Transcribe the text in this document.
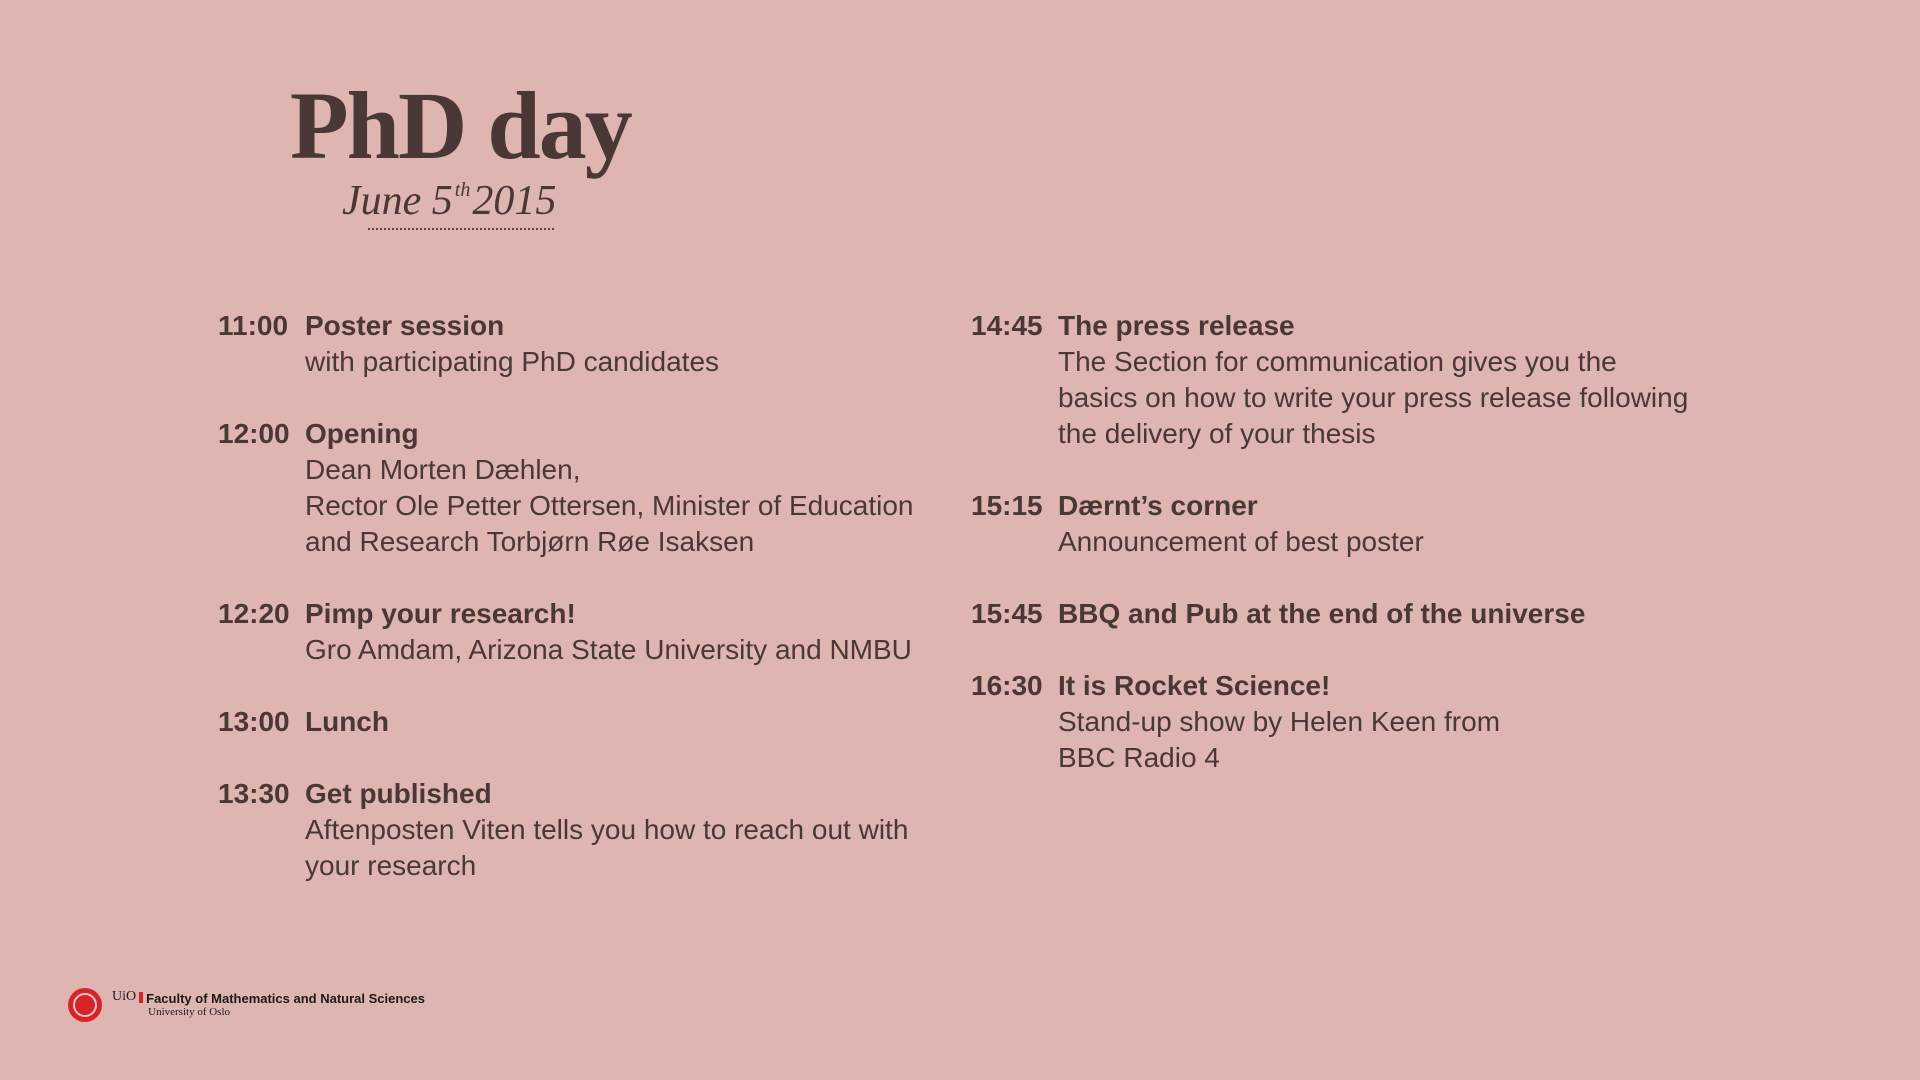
PhD day
June 5 $^{th}$2015
11:00 Poster session
with participating PhD candidates
12:00 Opening
Dean Morten Dæhlen,
Rector Ole Petter Ottersen, Minister of Education
and Research Torbjørn Røe Isaksen
12:20 Pimp your research!
Gro Amdam, Arizona State University and NMBU
13:00 Lunch
13:30 Get published
Aftenposten Viten tells you how to reach out with
your research
14:45 The press release
The Section for communication gives you the
basics on how to write your press release following
the delivery of your thesis
15:15 Dærnt’s corner
Announcement of best poster
15:45 BBQ and Pub at the end of the universe
16:30 It is Rocket Science!
Stand-up show by Helen Keen from
BBC Radio 4
UiO Faculty of Mathematics and Natural Sciences
University of Oslo
